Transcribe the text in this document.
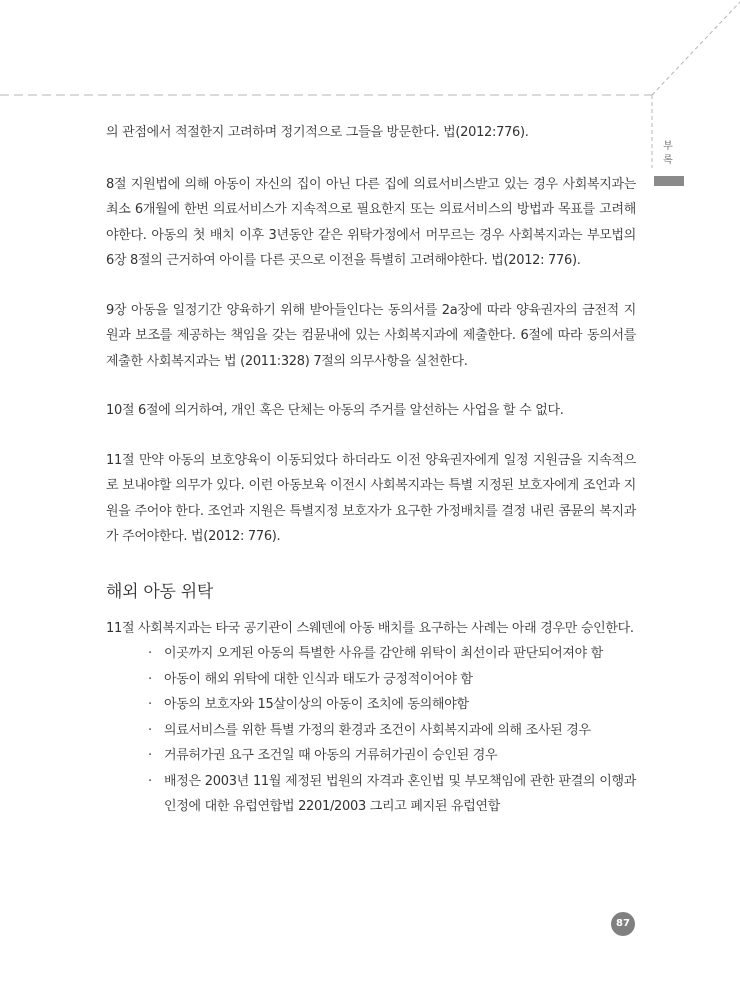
부록

의 관점에서 적절한지 고려하며 정기적으로 그들을 방문한다. 법(2012:776).

8절 지원법에 의해 아동이 자신의 집이 아닌 다른 집에 의료서비스받고 있는 경우 사회복지과는 최소 6개월에 한번 의료서비스가 지속적으로 필요한지 또는 의료서비스의 방법과 목표를 고려해야한다. 아동의 첫 배치 이후 3년동안 같은 위탁가정에서 머무르는 경우 사회복지과는 부모법의 6장 8절의 근거하여 아이를 다른 곳으로 이전을 특별히 고려해야한다. 법(2012: 776).

9장 아동을 일정기간 양육하기 위해 받아들인다는 동의서를 2a장에 따라 양육권자의 금전적 지원과 보조를 제공하는 책임을 갖는 컴뮨내에 있는 사회복지과에 제출한다. 6절에 따라 동의서를 제출한 사회복지과는 법 (2011:328) 7절의 의무사항을 실천한다.

10절 6절에 의거하여, 개인 혹은 단체는 아동의 주거를 알선하는 사업을 할 수 없다.

11절 만약 아동의 보호양육이 이동되었다 하더라도 이전 양육권자에게 일정 지원금을 지속적으로 보내야할 의무가 있다. 이런 아동보육 이전시 사회복지과는 특별 지정된 보호자에게 조언과 지원을 주어야 한다. 조언과 지원은 특별지정 보호자가 요구한 가정배치를 결정 내린 콤뮨의 복지과가 주어야한다. 법(2012: 776).

해외 아동 위탁

11절 사회복지과는 타국 공기관이 스웨덴에 아동 배치를 요구하는 사례는 아래 경우만 승인한다.

· 이곳까지 오게된 아동의 특별한 사유를 감안해 위탁이 최선이라 판단되어져야 함
· 아동이 해외 위탁에 대한 인식과 태도가 긍정적이어야 함
· 아동의 보호자와 15살이상의 아동이 조치에 동의해야함
· 의료서비스를 위한 특별 가정의 환경과 조건이 사회복지과에 의해 조사된 경우
· 거류허가권 요구 조건일 때 아동의 거류허가권이 승인된 경우
· 배정은 2003년 11월 제정된 법원의 자격과 혼인법 및 부모책임에 관한 판결의 이행과 인정에 대한 유럽연합법 2201/2003 그리고 폐지된 유럽연합
87
